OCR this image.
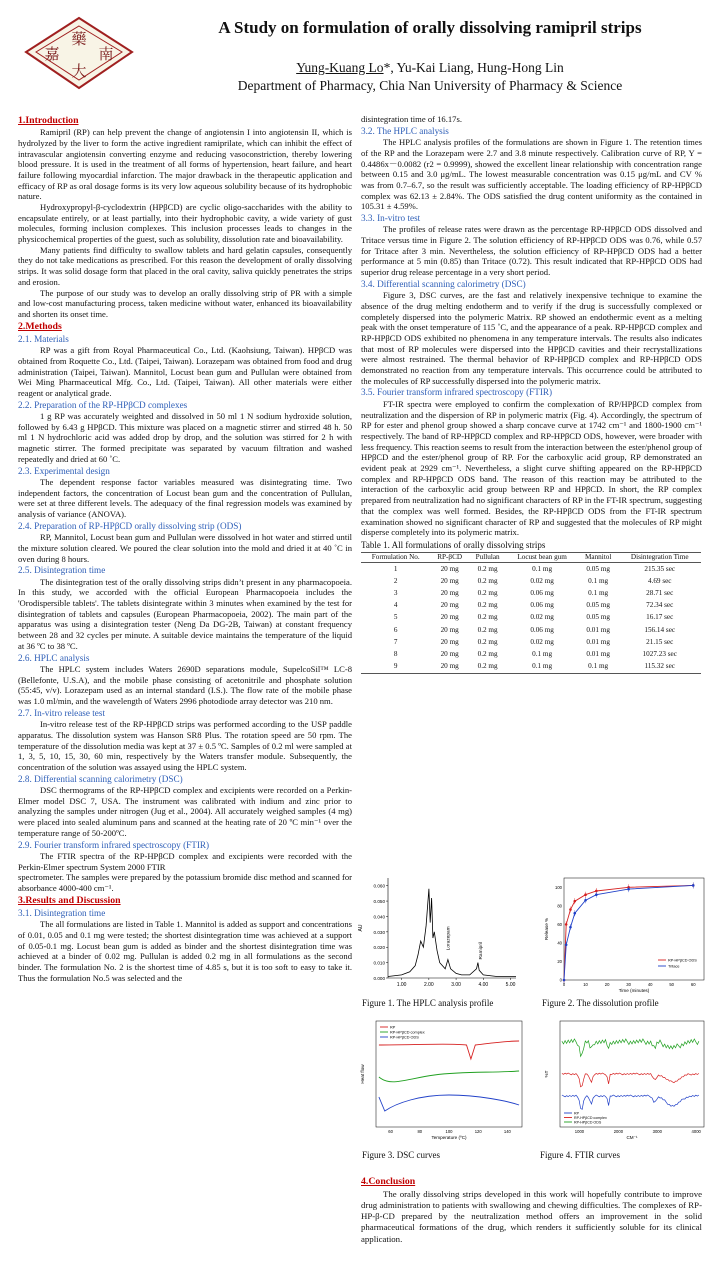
藥
嘉	南
大
A Study on formulation of orally dissolving ramipril strips
Yung-Kuang Lo*, Yu-Kai Liang, Hung-Hong Lin
Department of Pharmacy, Chia Nan University of Pharmacy & Science
1.Introduction

Ramipril (RP) can help prevent the change of angiotensin I into angiotensin II, which is hydrolyzed by the liver to form the active ingredient ramiprilate, which can inhibit the effect of intravascular angiotensin converting enzyme and reducing vasoconstriction, thereby lowering blood pressure. It is used in the treatment of all forms of hypertension, heart failure, and heart failure following myocardial infarction. The major drawback in the therapeutic application and efficacy of RP as oral dosage forms is its very low aqueous solubility because of its hydrophobic nature.

Hydroxypropyl-β-cyclodextrin (HPβCD) are cyclic oligo-saccharides with the ability to encapsulate entirely, or at least partially, into their hydrophobic cavity, a wide variety of gust molecules, forming inclusion complexes. This inclusion processes leads to changes in the physicochemical properties of the guest, such as solubility, dissolution rate and bioavailability.

Many patients find difficulty to swallow tablets and hard gelatin capsules, consequently they do not take medications as prescribed. For this reason the development of orally dissolving strips. It was solid dosage form that placed in the oral cavity, saliva quickly penetrates the strips and erosion.

The purpose of our study was to develop an orally dissolving strip of PR with a simple and low-cost manufacturing process, taken medicine without water, enhanced its bioavailability and shorten its onset time.

2.Methods
2.1. Materials

RP was a gift from Royal Pharmaceutical Co., Ltd. (Kaohsiung, Taiwan). HPβCD was obtained from Roquette Co., Ltd. (Taipei, Taiwan). Lorazepam was obtained from food and drug administration (Taipei, Taiwan). Mannitol, Locust bean gum and Pullulan were obtained from Wei Ming Pharmaceutical Mfg. Co., Ltd. (Taipei, Taiwan). All other materials were either reagent or analytical grade.

2.2. Preparation of the RP-HPβCD complexes

1 g RP was accurately weighted and dissolved in 50 ml 1 N sodium hydroxide solution, followed by 6.43 g HPβCD. This mixture was placed on a magnetic stirrer and stirred 48 h. 50 ml 1 N hydrochloric acid was added drop by drop, and the solution was stirred for 2 h with magnetic stirrer. The formed precipitate was separated by vacuum filtration and washed repeatedly and dried at 60 ˚C.

2.3. Experimental design

The dependent response factor variables measured was disintegrating time. Two independent factors, the concentration of Locust bean gum and the concentration of Pullulan, were set at three different levels. The adequacy of the final regression models was examined by analysis of variance (ANOVA).

2.4. Preparation of RP-HPβCD orally dissolving strip (ODS)

RP, Mannitol, Locust bean gum and Pullulan were dissolved in hot water and stirred until the mixture solution cleared. We poured the clear solution into the mold and dried it at 40 ˚C in oven during 8 hours.

2.5. Disintegration time

The disintegration test of the orally dissolving strips didn’t present in any pharmacopoeia. In this study, we accorded with the official European Pharmacopoeia includes the 'Orodispersible tablets'. The tablets disintegrate within 3 minutes when examined by the test for disintegration of tablets and capsules (European Pharmacopoeia, 2002). The main part of the apparatus was using a disintegration tester (Neng Da DG-2B, Taiwan) at constant frequency between 28 and 32 cycles per minute. A suitable device maintains the temperature of the liquid at 36 ºC to 38 ºC.

2.6. HPLC analysis

The HPLC system includes Waters 2690D separations module, SupelcoSil™ LC-8 (Bellefonte, U.S.A), and the mobile phase consisting of acetonitrile and phosphate solution (55:45, v/v). Lorazepam used as an internal standard (I.S.). The flow rate of the mobile phase was 1.0 ml/min, and the wavelength of Waters 2996 photodiode array detector was 210 nm.

2.7. In-vitro release test

In-vitro release test of the RP-HPβCD strips was performed according to the USP paddle apparatus. The dissolution system was Hanson SR8 Plus. The rotation speed are 50 rpm. The temperature of the dissolution media was kept at 37 ± 0.5 ºC. Samples of 0.2 ml were sampled at 1, 3, 5, 10, 15, 30, 60 min, respectively by the Waters transfer module. Subsequently, the concentration of the solution was assayed using the HPLC system.

2.8. Differential scanning calorimetry (DSC)

DSC thermograms of the RP-HPβCD complex and excipients were recorded on a Perkin-Elmer model DSC 7, USA. The instrument was calibrated with indium and zinc prior to analyzing the samples under nitrogen (Jug et al., 2004). All accurately weighed samples (4 mg) were placed into sealed aluminum pans and scanned at the heating rate of 20 ºC min⁻¹ over the temperature range of 50-200ºC.

2.9. Fourier transform infrared spectroscopy (FTIR)

The FTIR spectra of the RP-HPβCD complex and excipients were recorded with the Perkin-Elmer spectrum System 2000 FTIR

spectrometer. The samples were prepared by the potassium bromide disc method and scanned for absorbance 4000-400 cm⁻¹.

3.Results and Discussion
3.1. Disintegration time

The all formulations are listed in Table 1. Mannitol is added as support and concentrations of 0.01, 0.05 and 0.1 mg were tested; the shortest disintegration time was achieved at a support of 0.05-0.1 mg. Locust bean gum is added as binder and the shortest disintegration time was achieved at a binder of 0.02 mg. Pullulan is added 0.2 mg in all formulations as the second binder. The formulation No. 2 is the shortest time of 4.85 s, but it is too soft to easy to take it. Thus the formulation No.5 was selected and the

disintegration time of 16.17s.

3.2. The HPLC analysis

The HPLC analysis profiles of the formulations are shown in Figure 1. The retention times of the RP and the Lorazepam were 2.7 and 3.8 minute respectively. Calibration curve of RP, Y = 0.4486x－0.0082 (r2 = 0.9999), showed the excellent linear relationship with concentration range between 0.15 and 3.0 μg/mL. The lowest measurable concentration was 0.15 μg/mL and CV % was from 0.7–6.7, so the result was sufficiently acceptable. The loading efficiency of RP-HPβCD complex was 62.13 ± 2.84%. The ODS satisfied the drug content uniformity as the contained in 105.31 ± 4.59%.

3.3. In-vitro test

The profiles of release rates were drawn as the percentage RP-HPβCD ODS dissolved and Tritace versus time in Figure 2. The solution efficiency of RP-HPβCD ODS was 0.76, while 0.57 for Tritace after 3 min. Nevertheless, the solution efficiency of RP-HPβCD ODS had a better performance at 5 min (0.85) than Tritace (0.72). This result indicated that RP-HPβCD ODS had superior drug release percentage in a very short period.

3.4. Differential scanning calorimetry (DSC)

Figure 3, DSC curves, are the fast and relatively inexpensive technique to examine the absence of the drug melting endotherm and to verify if the drug is successfully complexed or completely dispersed into the polymeric Matrix. RP showed an endothermic event as a melting peak with the onset temperature of 115 ˚C, and the appearance of a peak. RP-HPβCD complex and RP-HPβCD ODS exhibited no phenomena in any temperature intervals. The results also indicates that most of RP molecules were dispersed into the HPβCD cavities and their recrystallizations were almost restrained. The thermal behavior of RP-HPβCD complex and RP-HPβCD ODS demonstrated no reaction from any temperature intervals. This occurrence could be attributed to the molecules of RP successfully dispersed into the polymeric matrix.

3.5. Fourier transform infrared spectroscopy (FTIR)

FT-IR spectra were employed to confirm the complexation of RP/HPβCD complex from neutralization and the dispersion of RP in polymeric matrix (Fig. 4). Accordingly, the spectrum of RP for ester and phenol group showed a sharp concave curve at 1742 cm⁻¹ and 1800-1900 cm⁻¹ respectively. The band of RP-HPβCD complex and RP-HPβCD ODS, however, were broader with less frequency. This reaction seems to result from the interaction between the ester/phenol group of HPβCD and the ester/phenol group of RP. For the carboxylic acid group, RP demonstrated an evident peak at 2929 cm⁻¹. Nevertheless, a slight curve shifting appeared on the RP-HPβCD complex and RP-HPβCD ODS band. The reason of this reaction may be attributed to the interaction of the carboxylic acid group between RP and HPβCD. In short, the RP complex prepared from neutralization had no significant characters of RP in the FT-IR spectrum, suggesting that the complex was well formed. Besides, the RP-HPβCD ODS from the FT-IR spectrum examination showed no significant character of RP and suggested that the molecules of RP might disperse completely into its polymeric matrix.

Table 1. All formulations of orally dissolving strips
Formulation No.	RP-βCD	Pullulan	Locust bean gum	Mannitol	Disintegration Time
1	20 mg	0.2 mg	0.1 mg	0.05 mg	215.35 sec
2	20 mg	0.2 mg	0.02 mg	0.1 mg	4.69 sec
3	20 mg	0.2 mg	0.06 mg	0.1 mg	28.71 sec
4	20 mg	0.2 mg	0.06 mg	0.05 mg	72.34 sec
5	20 mg	0.2 mg	0.02 mg	0.05 mg	16.17 sec
6	20 mg	0.2 mg	0.06 mg	0.01 mg	156.14 sec
7	20 mg	0.2 mg	0.02 mg	0.01 mg	21.15 sec
8	20 mg	0.2 mg	0.1 mg	0.01 mg	1027.23 sec
9	20 mg	0.2 mg	0.1 mg	0.1 mg	115.32 sec
0.000
0.010
0.020
0.030
0.040
0.050
0.060
1.00	2.00	3.00	4.00	5.00
AU	Lorazepam
Ramipril
0
20
40
60
80
100
0	10	20	30	40	50	60
Time (minutes)
Release %
RP-HPβCD ODS
Tritace
Figure 1. The HPLC analysis profile	Figure 2. The dissolution profile
60	80	100	120	140
Temperature (ºC)
Heat flow
RP
RP-HPβCD complex
RP-HPβCD ODS
1000	2000	3000	4000
CM⁻¹
%T
RP
RP-HPβCD complex
RP-HPβCD ODS
Figure 3. DSC curves	Figure 4. FTIR curves
4.Conclusion

The orally dissolving strips developed in this work will hopefully contribute to improve drug administration to patients with swallowing and chewing difficulties. The complexes of RP-HP-β-CD prepared by the neutralization method offers an improvement in the solid pharmaceutical formations of the drug, which renders it sufficiently soluble for its clinical application.
